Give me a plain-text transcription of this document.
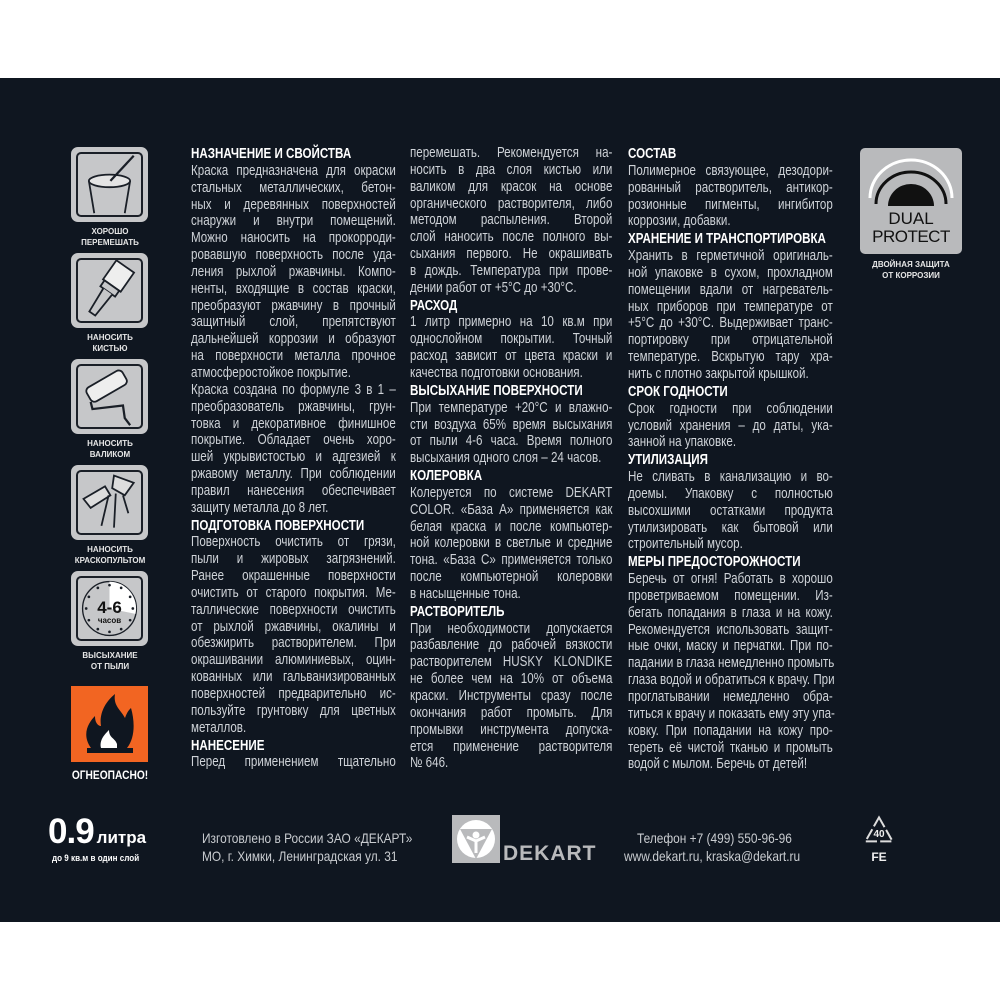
ХОРОШО
ПЕРЕМЕШАТЬ
НАНОСИТЬ
КИСТЬЮ
НАНОСИТЬ
ВАЛИКОМ
НАНОСИТЬ
КРАСКОПУЛЬТОМ
4-6
часов
ВЫСЫХАНИЕ
ОТ ПЫЛИ
ОГНЕОПАСНО!
НАЗНАЧЕНИЕ И СВОЙСТВА
Краска предназначена для окраски
стальных металлических, бетон-
ных и деревянных поверхностей
снаружи и внутри помещений.
Можно наносить на прокорроди-
ровавшую поверхность после уда-
ления рыхлой ржавчины. Компо-
ненты, входящие в состав краски,
преобразуют ржавчину в прочный
защитный слой, препятствуют
дальнейшей коррозии и образуют
на поверхности металла прочное
атмосферостойкое покрытие.
Краска создана по формуле 3 в 1 –
преобразователь ржавчины, грун-
товка и декоративное финишное
покрытие. Обладает очень хоро-
шей укрывистостью и адгезией к
ржавому металлу. При соблюдении
правил нанесения обеспечивает
защиту металла до 8 лет.
ПОДГОТОВКА ПОВЕРХНОСТИ
Поверхность очистить от грязи,
пыли и жировых загрязнений.
Ранее окрашенные поверхности
очистить от старого покрытия. Ме-
таллические поверхности очистить
от рыхлой ржавчины, окалины и
обезжирить растворителем. При
окрашивании алюминиевых, оцин-
кованных или гальванизированных
поверхностей предварительно ис-
пользуйте грунтовку для цветных
металлов.
НАНЕСЕНИЕ
Перед применением тщательно
перемешать. Рекомендуется на-
носить в два слоя кистью или
валиком для красок на основе
органического растворителя, либо
методом распыления. Второй
слой наносить после полного вы-
сыхания первого. Не окрашивать
в дождь. Температура при прове-
дении работ от +5°С до +30°С.
РАСХОД
1 литр примерно на 10 кв.м при
однослойном покрытии. Точный
расход зависит от цвета краски и
качества подготовки основания.
ВЫСЫХАНИЕ ПОВЕРХНОСТИ
При температуре +20°С и влажно-
сти воздуха 65% время высыхания
от пыли 4-6 часа. Время полного
высыхания одного слоя – 24 часов.
КОЛЕРОВКА
Колеруется по системе DEKART
COLOR. «База А» применяется как
белая краска и после компьютер-
ной колеровки в светлые и средние
тона. «База С» применяется только
после компьютерной колеровки
в насыщенные тона.
РАСТВОРИТЕЛЬ
При необходимости допускается
разбавление до рабочей вязкости
растворителем HUSKY KLONDIKE
не более чем на 10% от объема
краски. Инструменты сразу после
окончания работ промыть. Для
промывки инструмента допуска-
ется применение растворителя
№ 646.
СОСТАВ
Полимерное связующее, дезодори-
рованный растворитель, антикор-
розионные пигменты, ингибитор
коррозии, добавки.
ХРАНЕНИЕ И ТРАНСПОРТИРОВКА
Хранить в герметичной оригиналь-
ной упаковке в сухом, прохладном
помещении вдали от нагреватель-
ных приборов при температуре от
+5°С до +30°С. Выдерживает транс-
портировку при отрицательной
температуре. Вскрытую тару хра-
нить с плотно закрытой крышкой.
СРОК ГОДНОСТИ
Срок годности при соблюдении
условий хранения – до даты, ука-
занной на упаковке.
УТИЛИЗАЦИЯ
Не сливать в канализацию и во-
доемы. Упаковку с полностью
высохшими остатками продукта
утилизировать как бытовой или
строительный мусор.
МЕРЫ ПРЕДОСТОРОЖНОСТИ
Беречь от огня! Работать в хорошо
проветриваемом помещении. Из-
бегать попадания в глаза и на кожу.
Рекомендуется использовать защит-
ные очки, маску и перчатки. При по-
падании в глаза немедленно промыть
глаза водой и обратиться к врачу. При
проглатывании немедленно обра-
титься к врачу и показать ему эту упа-
ковку. При попадании на кожу про-
тереть её чистой тканью и промыть
водой с мылом. Беречь от детей!
DUAL
PROTECT
ДВОЙНАЯ ЗАЩИТА
ОТ КОРРОЗИИ
0.9 литра
до 9 кв.м в один слой
Изготовлено в России ЗАО «ДЕКАРТ»
МО, г. Химки, Ленинградская ул. 31	DEKART
Телефон +7 (499) 550-96-96
www.dekart.ru, kraska@dekart.ru
40
FE
